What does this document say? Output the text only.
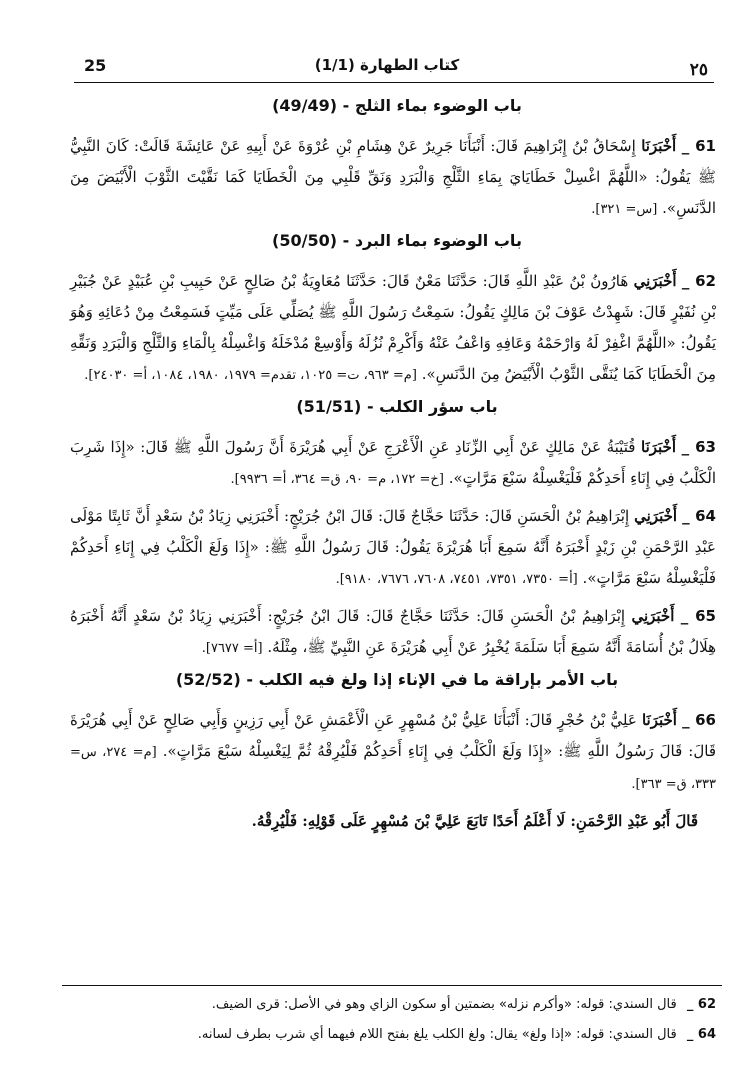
25	(1/1) كتاب الطهارة	٢٥
باب الوضوء بماء الثلج - (49/49)

61 _ أَخْبَرَنَا إِسْحَاقُ بْنُ إِبْرَاهِيمَ قَالَ: أَنْبَأَنَا جَرِيرٌ عَنْ هِشَامِ بْنِ عُرْوَةَ عَنْ أَبِيهِ عَنْ عَائِشَةَ قَالَتْ: كَانَ النَّبِيُّ ﷺ يَقُولُ: «اللَّهُمَّ اغْسِلْ خَطَايَايَ بِمَاءِ الثَّلْجِ وَالْبَرَدِ وَنَقِّ قَلْبِي مِنَ الْخَطَايَا كَمَا نَقَّيْتَ الثَّوْبَ الْأَبْيَضَ مِنَ الدَّنَسِ». [س= ٣٢١].

باب الوضوء بماء البرد - (50/50)

62 _ أَخْبَرَنِي هَارُونُ بْنُ عَبْدِ اللَّهِ قَالَ: حَدَّثَنَا مَعْنٌ قَالَ: حَدَّثَنَا مُعَاوِيَةُ بْنُ صَالِحٍ عَنْ حَبِيبِ بْنِ عُبَيْدٍ عَنْ جُبَيْرِ بْنِ نُفَيْرٍ قَالَ: شَهِدْتُ عَوْفَ بْنَ مَالِكٍ يَقُولُ: سَمِعْتُ رَسُولَ اللَّهِ ﷺ يُصَلِّي عَلَى مَيِّتٍ فَسَمِعْتُ مِنْ دُعَائِهِ وَهُوَ يَقُولُ: «اللَّهُمَّ اغْفِرْ لَهُ وَارْحَمْهُ وَعَافِهِ وَاعْفُ عَنْهُ وَأَكْرِمْ نُزُلَهُ وَأَوْسِعْ مُدْخَلَهُ وَاغْسِلْهُ بِالْمَاءِ وَالثَّلْجِ وَالْبَرَدِ وَنَقِّهِ مِنَ الْخَطَايَا كَمَا يُنَقَّى الثَّوْبُ الْأَبْيَضُ مِنَ الدَّنَسِ». [م= ٩٦٣، ت= ١٠٢٥، تقدم= ١٩٧٩، ١٩٨٠، ١٠٨٤، أ= ٢٤٠٣٠].

باب سؤر الكلب - (51/51)

63 _ أَخْبَرَنَا قُتَيْبَةُ عَنْ مَالِكٍ عَنْ أَبِي الزِّنَادِ عَنِ الْأَعْرَجِ عَنْ أَبِي هُرَيْرَةَ أَنَّ رَسُولَ اللَّهِ ﷺ قَالَ: «إِذَا شَرِبَ الْكَلْبُ فِي إِنَاءِ أَحَدِكُمْ فَلْيَغْسِلْهُ سَبْعَ مَرَّاتٍ». [خ= ١٧٢، م= ٩٠، ق= ٣٦٤، أ= ٩٩٣٦].

64 _ أَخْبَرَنِي إِبْرَاهِيمُ بْنُ الْحَسَنِ قَالَ: حَدَّثَنَا حَجَّاجٌ قَالَ: قَالَ ابْنُ جُرَيْجٍ: أَخْبَرَنِي زِيَادُ بْنُ سَعْدٍ أَنَّ ثَابِتًا مَوْلَى عَبْدِ الرَّحْمَنِ بْنِ زَيْدٍ أَخْبَرَهُ أَنَّهُ سَمِعَ أَبَا هُرَيْرَةَ يَقُولُ: قَالَ رَسُولُ اللَّهِ ﷺ: «إِذَا وَلَغَ الْكَلْبُ فِي إِنَاءِ أَحَدِكُمْ فَلْيَغْسِلْهُ سَبْعَ مَرَّاتٍ». [أ= ٧٣٥٠، ٧٣٥١، ٧٤٥١، ٧٦٠٨، ٧٦٧٦، ٩١٨٠].

65 _ أَخْبَرَنِي إِبْرَاهِيمُ بْنُ الْحَسَنِ قَالَ: حَدَّثَنَا حَجَّاجٌ قَالَ: قَالَ ابْنُ جُرَيْجٍ: أَخْبَرَنِي زِيَادُ بْنُ سَعْدٍ أَنَّهُ أَخْبَرَهُ هِلَالُ بْنُ أُسَامَةَ أَنَّهُ سَمِعَ أَبَا سَلَمَةَ يُخْبِرُ عَنْ أَبِي هُرَيْرَةَ عَنِ النَّبِيِّ ﷺ، مِثْلَهُ. [أ= ٧٦٧٧].

باب الأمر بإراقة ما في الإناء إذا ولغ فيه الكلب - (52/52)

66 _ أَخْبَرَنَا عَلِيُّ بْنُ حُجْرٍ قَالَ: أَنْبَأَنَا عَلِيُّ بْنُ مُسْهِرٍ عَنِ الْأَعْمَشِ عَنْ أَبِي رَزِينٍ وَأَبِي صَالِحٍ عَنْ أَبِي هُرَيْرَةَ قَالَ: قَالَ رَسُولُ اللَّهِ ﷺ: «إِذَا وَلَغَ الْكَلْبُ فِي إِنَاءِ أَحَدِكُمْ فَلْيُرِقْهُ ثُمَّ لِيَغْسِلْهُ سَبْعَ مَرَّاتٍ». [م= ٢٧٤، س= ٣٣٣، ق= ٣٦٣].

قَالَ أَبُو عَبْدِ الرَّحْمَنِ: لَا أَعْلَمُ أَحَدًا تَابَعَ عَلِيَّ بْنَ مُسْهِرٍ عَلَى قَوْلِهِ: فَلْيُرِقْهُ.

62 _ قال السندي: قوله: «وأكرم نزله» بضمتين أو سكون الزاي وهو في الأصل: قرى الضيف.
64 _ قال السندي: قوله: «إذا ولغ» يقال: ولغ الكلب يلغ بفتح اللام فيهما أي شرب بطرف لسانه.
